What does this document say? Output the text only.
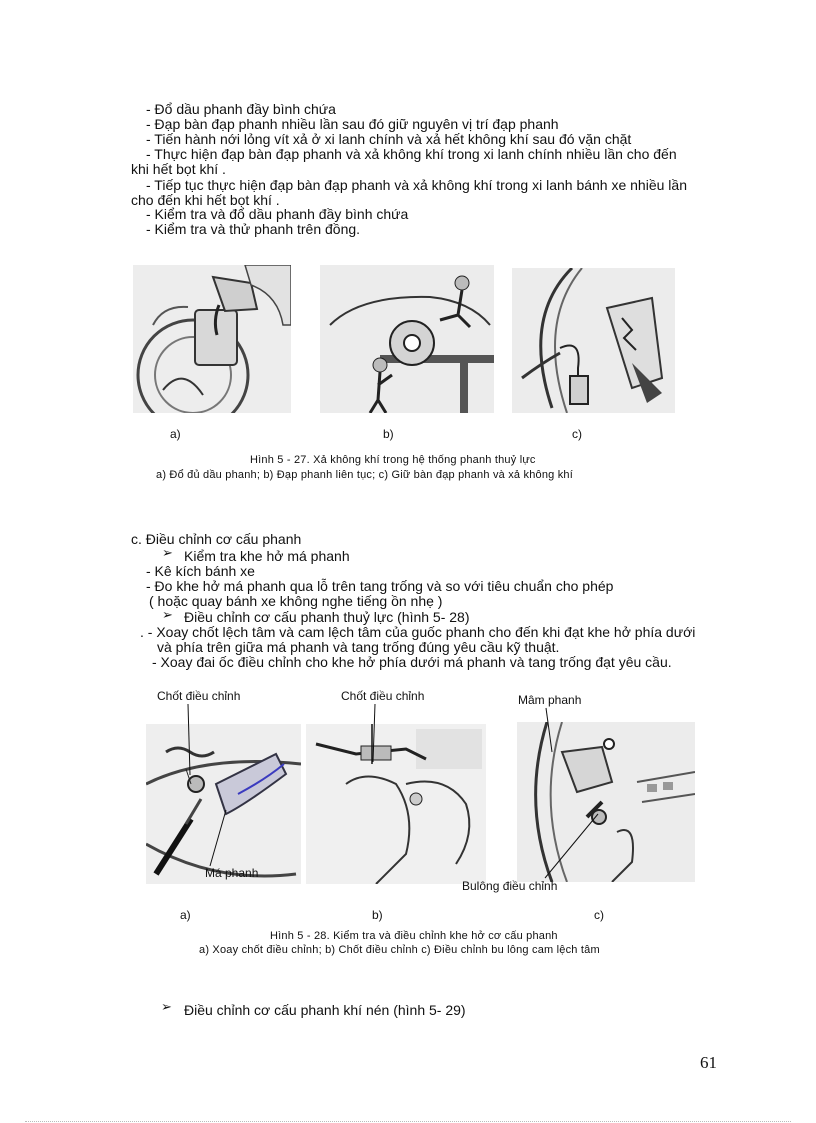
- Đổ dầu phanh đầy bình chứa
- Đạp bàn đạp phanh nhiều lần sau đó giữ nguyên vị trí đạp phanh
- Tiến hành nới lỏng vít xả ở xi lanh chính và xả hết không khí sau đó vặn chặt
- Thực hiện đạp bàn đạp phanh và xả không khí trong xi lanh chính nhiều lần cho đến
khi hết bọt khí .
- Tiếp tục thực hiện đạp bàn đạp phanh và xả không khí trong xi lanh bánh xe nhiều lần
cho đến khi hết bọt khí .
- Kiểm tra và đổ dầu phanh đầy bình chứa
- Kiểm tra và thử phanh trên đồng.
a)	b)	c)
Hình 5 - 27. Xả không khí trong hệ thống phanh thuỷ lực
a) Đổ đủ dầu phanh; b) Đạp phanh liên tục; c) Giữ bàn đạp phanh và xả không khí
c. Điều chỉnh cơ cấu phanh
➢ Kiểm tra khe hở má phanh
- Kê kích bánh xe
- Đo khe hở má phanh qua lỗ trên tang trống và so với tiêu chuẩn cho phép
( hoặc quay bánh xe không nghe tiếng ồn nhẹ )
➢ Điều chỉnh cơ cấu phanh thuỷ lực (hình 5- 28)
. - Xoay chốt lệch tâm và cam lệch tâm của guốc phanh cho đến khi đạt khe hở phía dưới
và phía trên giữa má phanh và tang trống đúng yêu cầu kỹ thuật.
- Xoay đai ốc điều chỉnh cho khe hở phía dưới má phanh và tang trống đạt yêu cầu.
Chốt điều chỉnh	Chốt điều chỉnh	Mâm phanh
Má phanh
Bulông điều chỉnh
a)	b)	c)
Hình 5 - 28. Kiểm tra và điều chỉnh khe hở cơ cấu phanh
a) Xoay chốt điều chỉnh; b) Chốt điều chỉnh c) Điều chỉnh bu lông cam lệch tâm
➢ Điều chỉnh cơ cấu phanh khí nén (hình 5- 29)
61
